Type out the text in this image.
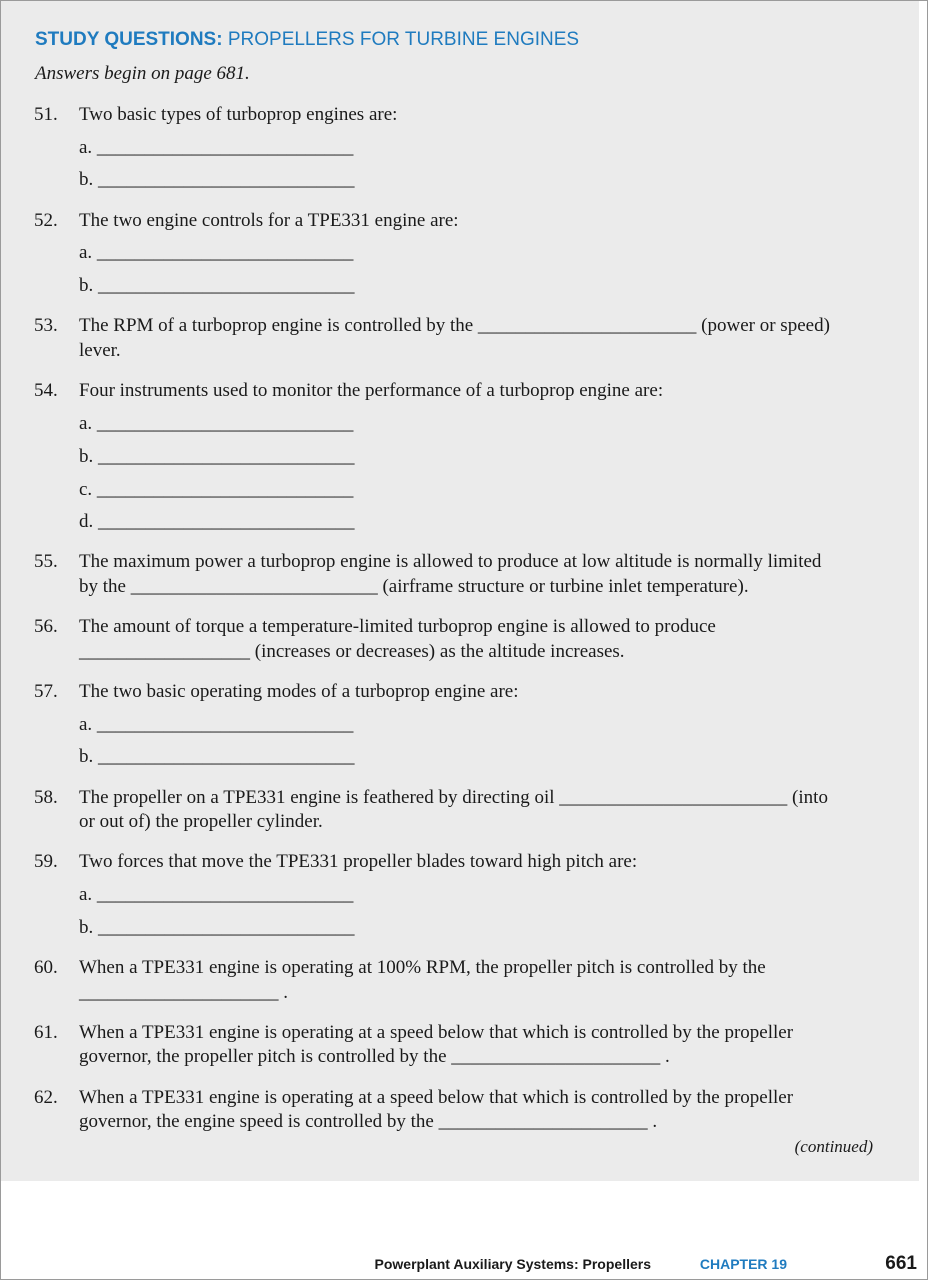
STUDY QUESTIONS: PROPELLERS FOR TURBINE ENGINES
Answers begin on page 681.
51. Two basic types of turboprop engines are:
a. ___________________________
b. ___________________________
52. The two engine controls for a TPE331 engine are:
a. ___________________________
b. ___________________________
53. The RPM of a turboprop engine is controlled by the _______________________ (power or speed)
lever.
54. Four instruments used to monitor the performance of a turboprop engine are:
a. ___________________________
b. ___________________________
c. ___________________________
d. ___________________________
55. The maximum power a turboprop engine is allowed to produce at low altitude is normally limited
by the __________________________ (airframe structure or turbine inlet temperature).
56. The amount of torque a temperature-limited turboprop engine is allowed to produce
__________________ (increases or decreases) as the altitude increases.
57. The two basic operating modes of a turboprop engine are:
a. ___________________________
b. ___________________________
58. The propeller on a TPE331 engine is feathered by directing oil ________________________ (into
or out of) the propeller cylinder.
59. Two forces that move the TPE331 propeller blades toward high pitch are:
a. ___________________________
b. ___________________________
60. When a TPE331 engine is operating at 100% RPM, the propeller pitch is controlled by the
_____________________ .
61. When a TPE331 engine is operating at a speed below that which is controlled by the propeller
governor, the propeller pitch is controlled by the ______________________ .
62. When a TPE331 engine is operating at a speed below that which is controlled by the propeller
governor, the engine speed is controlled by the ______________________ .
(continued)
Powerplant Auxiliary Systems: Propellers	CHAPTER 19	661
